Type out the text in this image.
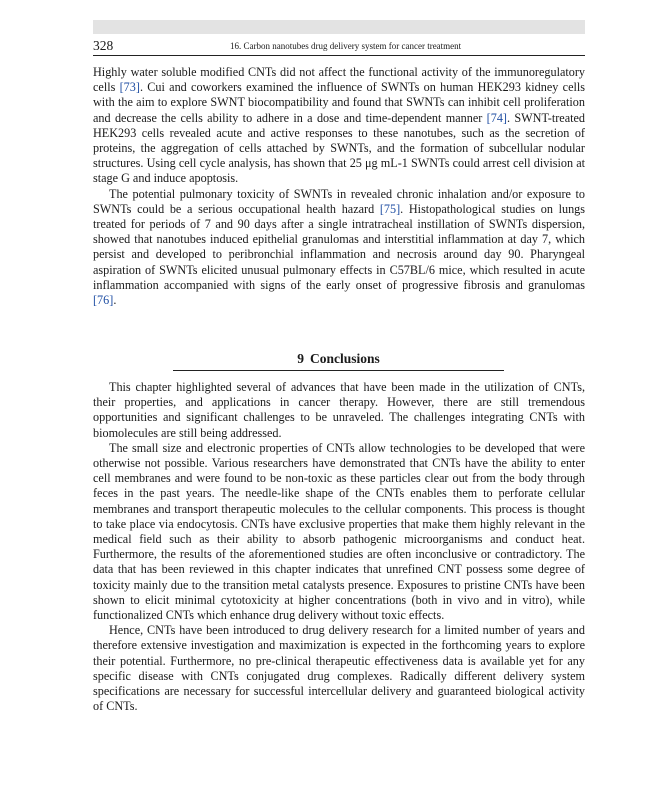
328	16. Carbon nanotubes drug delivery system for cancer treatment

Highly water soluble modified CNTs did not affect the functional activity of the immunoregulatory cells [73]. Cui and coworkers examined the influence of SWNTs on human HEK293 kidney cells with the aim to explore SWNT biocompatibility and found that SWNTs can inhibit cell proliferation and decrease the cells ability to adhere in a dose and time-dependent manner [74]. SWNT-treated HEK293 cells revealed acute and active responses to these nanotubes, such as the secretion of proteins, the aggregation of cells attached by SWNTs, and the formation of subcellular nodular structures. Using cell cycle analysis, has shown that 25 μg mL-1 SWNTs could arrest cell division at stage G and induce apoptosis.

The potential pulmonary toxicity of SWNTs in revealed chronic inhalation and/or exposure to SWNTs could be a serious occupational health hazard [75]. Histopathological studies on lungs treated for periods of 7 and 90 days after a single intratracheal instillation of SWNTs dispersion, showed that nanotubes induced epithelial granulomas and interstitial inflammation at day 7, which persist and developed to peribronchial inflammation and necrosis around day 90. Pharyngeal aspiration of SWNTs elicited unusual pulmonary effects in C57BL/6 mice, which resulted in acute inflammation accompanied with signs of the early onset of progressive fibrosis and granulomas [76].

9 Conclusions

This chapter highlighted several of advances that have been made in the utilization of CNTs, their properties, and applications in cancer therapy. However, there are still tremendous opportunities and significant challenges to be unraveled. The challenges integrating CNTs with biomolecules are still being addressed.

The small size and electronic properties of CNTs allow technologies to be developed that were otherwise not possible. Various researchers have demonstrated that CNTs have the ability to enter cell membranes and were found to be non-toxic as these particles clear out from the body through feces in the past years. The needle-like shape of the CNTs enables them to perforate cellular membranes and transport therapeutic molecules to the cellular components. This process is thought to take place via endocytosis. CNTs have exclusive properties that make them highly relevant in the medical field such as their ability to absorb pathogenic microorganisms and conduct heat. Furthermore, the results of the aforementioned studies are often inconclusive or contradictory. The data that has been reviewed in this chapter indicates that unrefined CNT possess some degree of toxicity mainly due to the transition metal catalysts presence. Exposures to pristine CNTs have been shown to elicit minimal cytotoxicity at higher concentrations (both in vivo and in vitro), while functionalized CNTs which enhance drug delivery without toxic effects.

Hence, CNTs have been introduced to drug delivery research for a limited number of years and therefore extensive investigation and maximization is expected in the forthcoming years to explore their potential. Furthermore, no pre-clinical therapeutic effectiveness data is available yet for any specific disease with CNTs conjugated drug complexes. Radically different delivery system specifications are necessary for successful intercellular delivery and guaranteed biological activity of CNTs.
